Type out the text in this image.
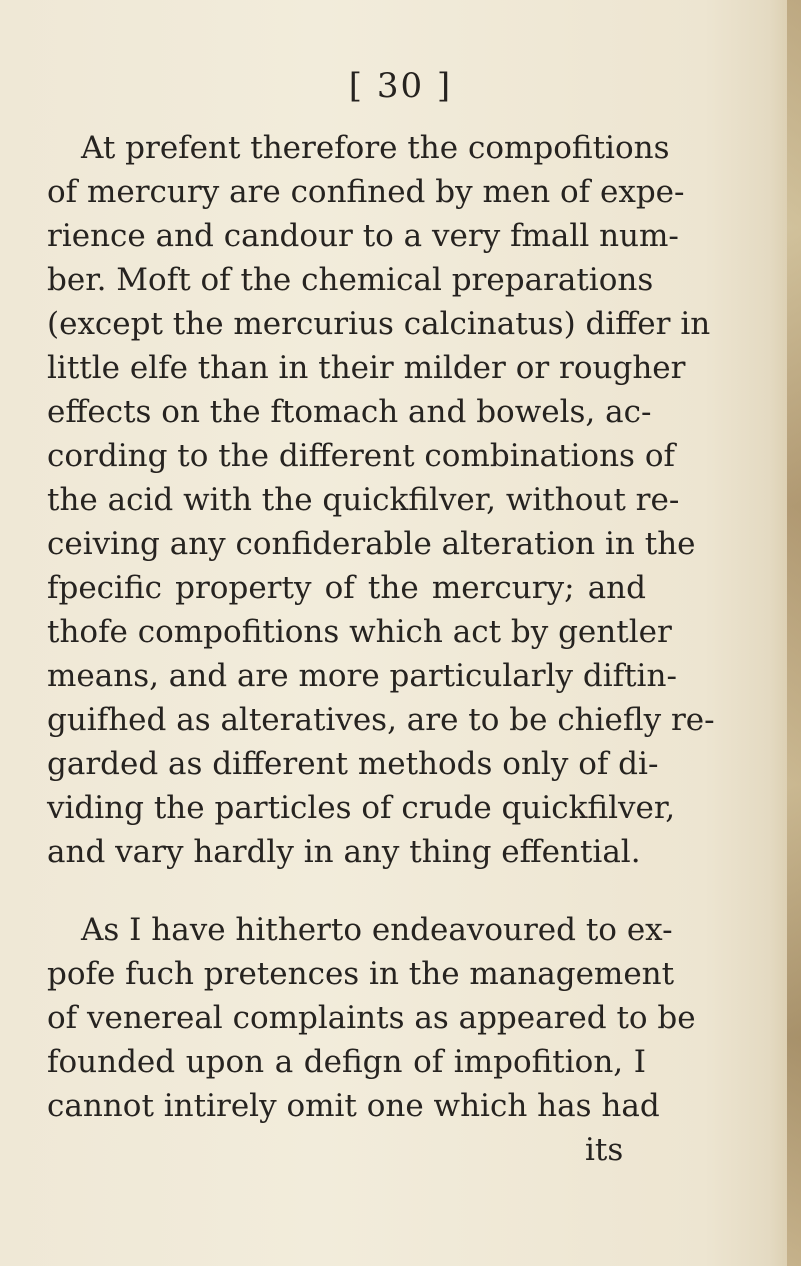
[ 30 ]
At prefent therefore the compofitions
of mercury are confined by men of expe-
rience and candour to a very fmall num-
ber. Moft of the chemical preparations
(except the mercurius calcinatus) differ in
little elfe than in their milder or rougher
effects on the ftomach and bowels, ac-
cording to the different combinations of
the acid with the quickfilver, without re-
ceiving any confiderable alteration in the
fpecific property of the mercury; and
thofe compofitions which act by gentler
means, and are more particularly diftin-
guifhed as alteratives, are to be chiefly re-
garded as different methods only of di-
viding the particles of crude quickfilver,
and vary hardly in any thing effential.
As I have hitherto endeavoured to ex-
pofe fuch pretences in the management
of venereal complaints as appeared to be
founded upon a defign of impofition, I
cannot intirely omit one which has had
its
